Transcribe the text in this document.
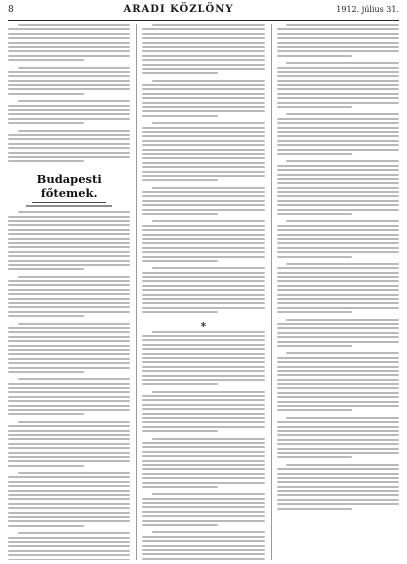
8	ARADI KÖZLÖNY	1912. július 31.
Budapesti főtemek.
✱
